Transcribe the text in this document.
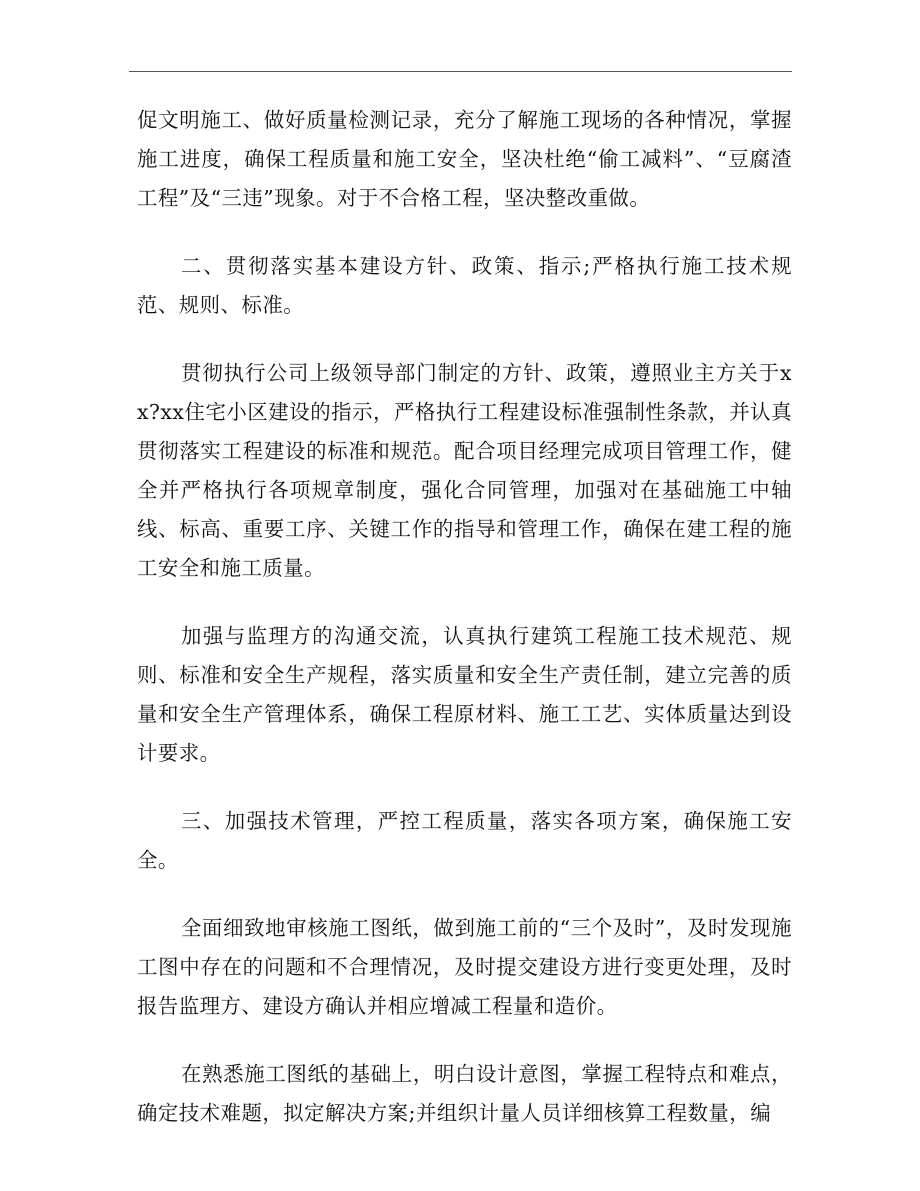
促文明施工、做好质量检测记录，充分了解施工现场的各种情况，掌握施工进度，确保工程质量和施工安全，坚决杜绝“偷工减料”、“豆腐渣工程”及“三违”现象。对于不合格工程，坚决整改重做。

二、贯彻落实基本建设方针、政策、指示;严格执行施工技术规范、规则、标准。

贯彻执行公司上级领导部门制定的方针、政策，遵照业主方关于xx?xx住宅小区建设的指示，严格执行工程建设标准强制性条款，并认真贯彻落实工程建设的标准和规范。配合项目经理完成项目管理工作，健全并严格执行各项规章制度，强化合同管理，加强对在基础施工中轴线、标高、重要工序、关键工作的指导和管理工作，确保在建工程的施工安全和施工质量。

加强与监理方的沟通交流，认真执行建筑工程施工技术规范、规则、标准和安全生产规程，落实质量和安全生产责任制，建立完善的质量和安全生产管理体系，确保工程原材料、施工工艺、实体质量达到设计要求。

三、加强技术管理，严控工程质量，落实各项方案，确保施工安全。

全面细致地审核施工图纸，做到施工前的“三个及时”，及时发现施工图中存在的问题和不合理情况，及时提交建设方进行变更处理，及时报告监理方、建设方确认并相应增减工程量和造价。

在熟悉施工图纸的基础上，明白设计意图，掌握工程特点和难点，确定技术难题，拟定解决方案;并组织计量人员详细核算工程数量，编
